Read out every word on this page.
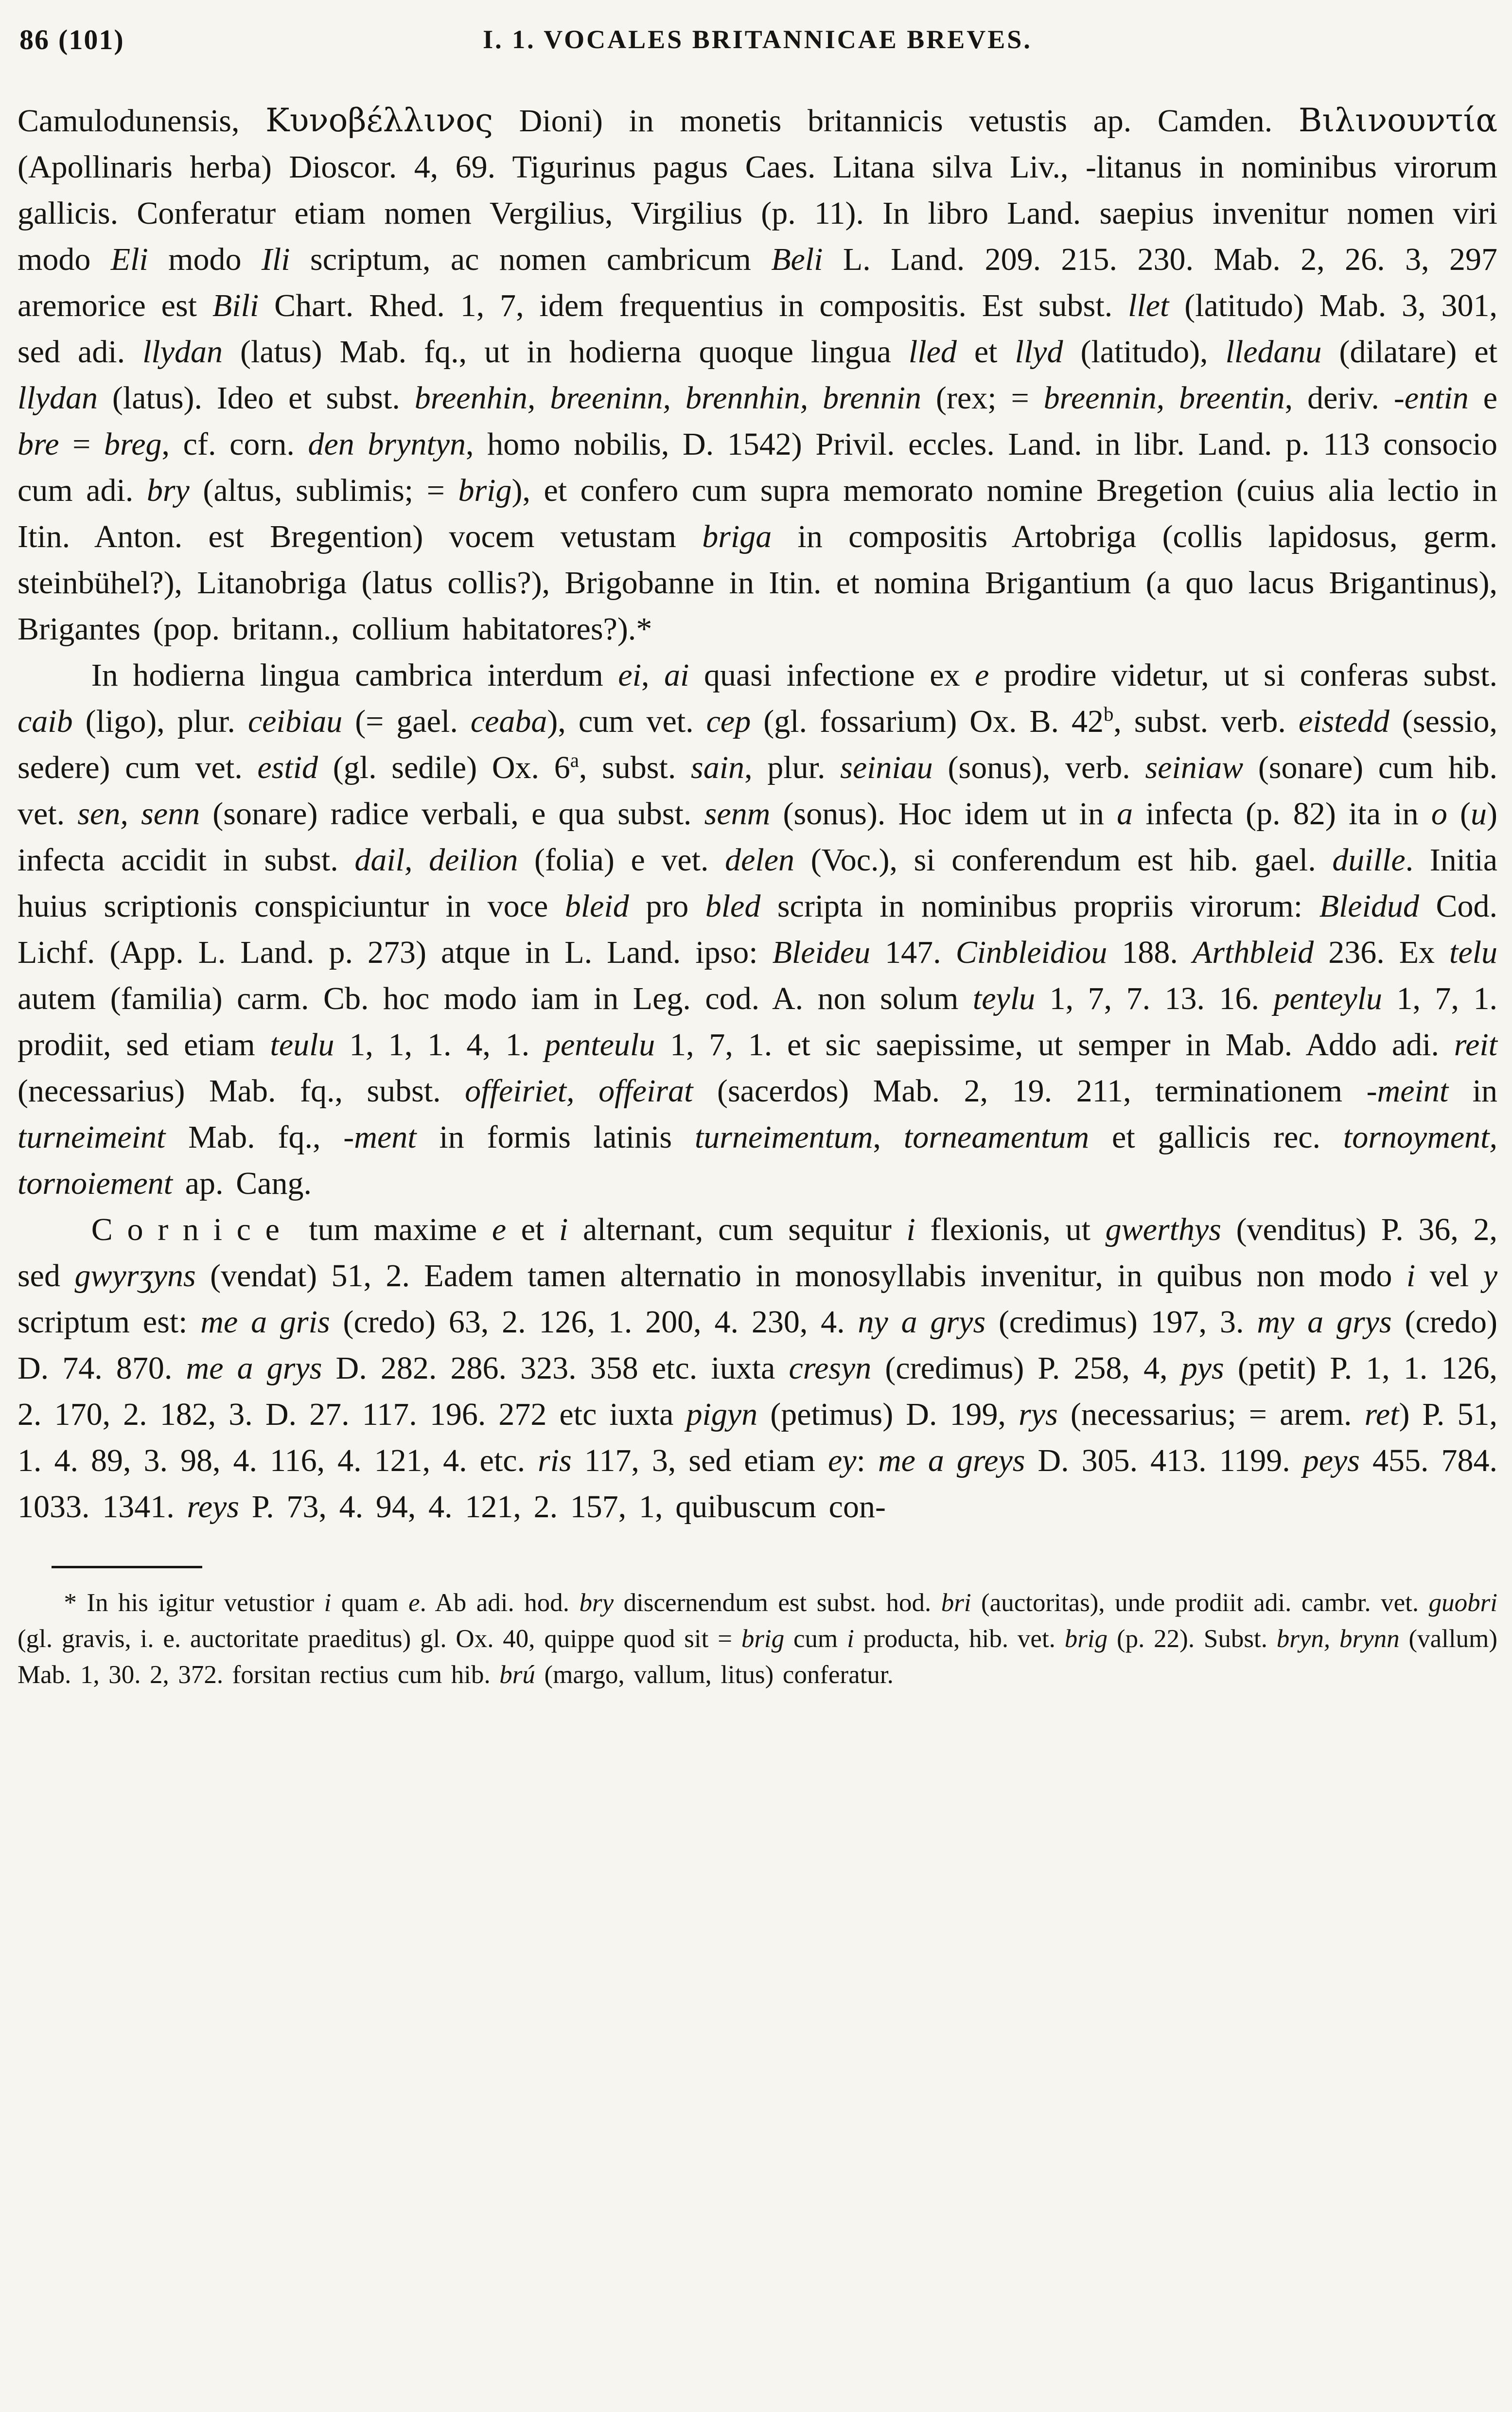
86 (101)	I. 1. VOCALES BRITANNICAE BREVES.

Camulodunensis, Κυνοβέλλινος Dioni) in monetis britannicis vetustis ap. Camden. Βιλινουντία (Apollinaris herba) Dioscor. 4, 69. Tigurinus pagus Caes. Litana silva Liv., -litanus in nominibus virorum gallicis. Conferatur etiam nomen Vergilius, Virgilius (p. 11). In libro Land. saepius invenitur nomen viri modo Eli modo Ili scriptum, ac nomen cambricum Beli L. Land. 209. 215. 230. Mab. 2, 26. 3, 297 aremorice est Bili Chart. Rhed. 1, 7, idem frequentius in compositis. Est subst. llet (latitudo) Mab. 3, 301, sed adi. llydan (latus) Mab. fq., ut in hodierna quoque lingua lled et llyd (latitudo), lledanu (dilatare) et llydan (latus). Ideo et subst. breenhin, breeninn, brennhin, brennin (rex; = breennin, breentin, deriv. -entin e bre = breg, cf. corn. den bryntyn, homo nobilis, D. 1542) Privil. eccles. Land. in libr. Land. p. 113 consocio cum adi. bry (altus, sublimis; = brig), et confero cum supra memorato nomine Bregetion (cuius alia lectio in Itin. Anton. est Bregention) vocem vetustam briga in compositis Artobriga (collis lapidosus, germ. steinbühel?), Litanobriga (latus collis?), Brigobanne in Itin. et nomina Brigantium (a quo lacus Brigantinus), Brigantes (pop. britann., collium habitatores?).*

In hodierna lingua cambrica interdum ei, ai quasi infectione ex e prodire videtur, ut si conferas subst. caib (ligo), plur. ceibiau (= gael. ceaba), cum vet. cep (gl. fossarium) Ox. B. 42$^b$, subst. verb. eistedd (sessio, sedere) cum vet. estid (gl. sedile) Ox. 6$^a$, subst. sain, plur. seiniau (sonus), verb. seiniaw (sonare) cum hib. vet. sen, senn (sonare) radice verbali, e qua subst. senm (sonus). Hoc idem ut in a infecta (p. 82) ita in o (u) infecta accidit in subst. dail, deilion (folia) e vet. delen (Voc.), si conferendum est hib. gael. duille. Initia huius scriptionis conspiciuntur in voce bleid pro bled scripta in nominibus propriis virorum: Bleidud Cod. Lichf. (App. L. Land. p. 273) atque in L. Land. ipso: Bleideu 147. Cinbleidiou 188. Arthbleid 236. Ex telu autem (familia) carm. Cb. hoc modo iam in Leg. cod. A. non solum teylu 1, 7, 7. 13. 16. penteylu 1, 7, 1. prodiit, sed etiam teulu 1, 1, 1. 4, 1. penteulu 1, 7, 1. et sic saepissime, ut semper in Mab. Addo adi. reit (necessarius) Mab. fq., subst. offeiriet, offeirat (sacerdos) Mab. 2, 19. 211, terminationem -meint in turneimeint Mab. fq., -ment in formis latinis turneimentum, torneamentum et gallicis rec. tornoyment, tornoiement ap. Cang.

Cornice tum maxime e et i alternant, cum sequitur i flexionis, ut gwerthys (venditus) P. 36, 2, sed gwyrʒyns (vendat) 51, 2. Eadem tamen alternatio in monosyllabis invenitur, in quibus non modo i vel y scriptum est: me a gris (credo) 63, 2. 126, 1. 200, 4. 230, 4. ny a grys (credimus) 197, 3. my a grys (credo) D. 74. 870. me a grys D. 282. 286. 323. 358 etc. iuxta cresyn (credimus) P. 258, 4, pys (petit) P. 1, 1. 126, 2. 170, 2. 182, 3. D. 27. 117. 196. 272 etc iuxta pigyn (petimus) D. 199, rys (necessarius; = arem. ret) P. 51, 1. 4. 89, 3. 98, 4. 116, 4. 121, 4. etc. ris 117, 3, sed etiam ey: me a greys D. 305. 413. 1199. peys 455. 784. 1033. 1341. reys P. 73, 4. 94, 4. 121, 2. 157, 1, quibuscum con-

* In his igitur vetustior i quam e. Ab adi. hod. bry discernendum est subst. hod. bri (auctoritas), unde prodiit adi. cambr. vet. guobri (gl. gravis, i. e. auctoritate praeditus) gl. Ox. 40, quippe quod sit = brig cum i producta, hib. vet. brig (p. 22). Subst. bryn, brynn (vallum) Mab. 1, 30. 2, 372. forsitan rectius cum hib. brú (margo, vallum, litus) conferatur.
